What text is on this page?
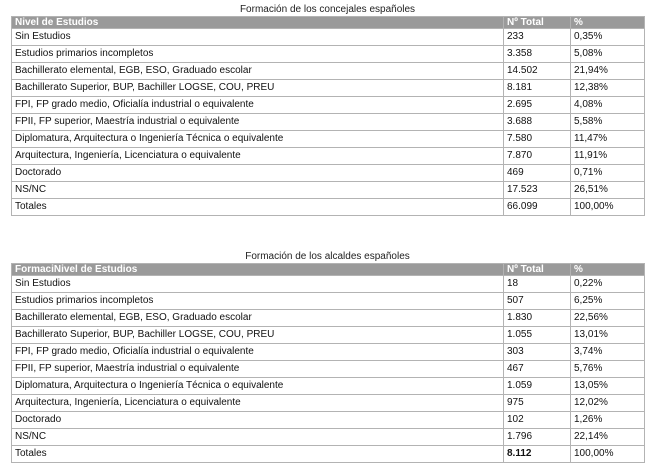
Formación de los concejales españoles
Nivel de Estudios	Nº Total	%
Sin Estudios	233	0,35%
Estudios primarios incompletos	3.358	5,08%
Bachillerato elemental, EGB, ESO, Graduado escolar	14.502	21,94%
Bachillerato Superior, BUP, Bachiller LOGSE, COU, PREU	8.181	12,38%
FPI, FP grado medio, Oficialía industrial o equivalente	2.695	4,08%
FPII, FP superior, Maestría industrial o equivalente	3.688	5,58%
Diplomatura, Arquitectura o Ingeniería Técnica o equivalente	7.580	11,47%
Arquitectura, Ingeniería, Licenciatura o equivalente	7.870	11,91%
Doctorado	469	0,71%
NS/NC	17.523	26,51%
Totales	66.099	100,00%
Formación de los alcaldes españoles
FormaciNivel de Estudios	Nº Total	%
Sin Estudios	18	0,22%
Estudios primarios incompletos	507	6,25%
Bachillerato elemental, EGB, ESO, Graduado escolar	1.830	22,56%
Bachillerato Superior, BUP, Bachiller LOGSE, COU, PREU	1.055	13,01%
FPI, FP grado medio, Oficialía industrial o equivalente	303	3,74%
FPII, FP superior, Maestría industrial o equivalente	467	5,76%
Diplomatura, Arquitectura o Ingeniería Técnica o equivalente	1.059	13,05%
Arquitectura, Ingeniería, Licenciatura o equivalente	975	12,02%
Doctorado	102	1,26%
NS/NC	1.796	22,14%
Totales	8.112	100,00%
